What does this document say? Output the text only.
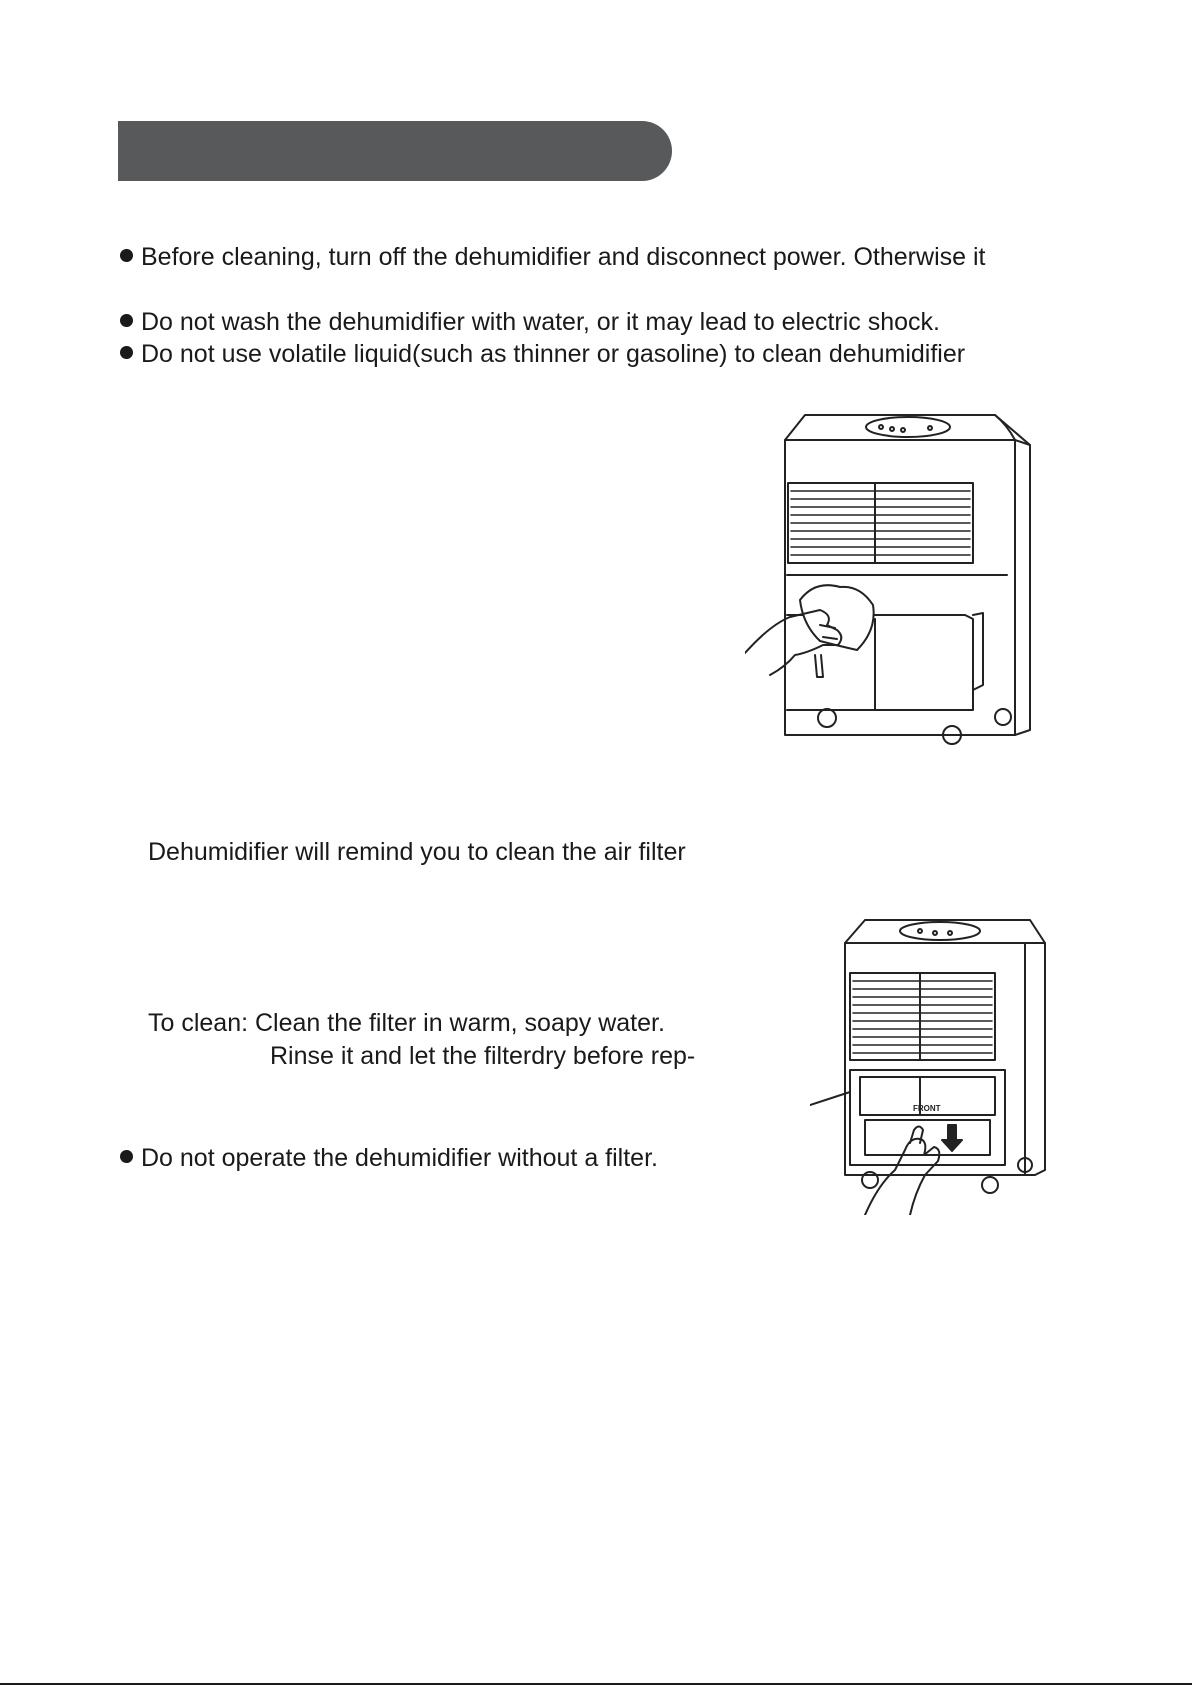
Before cleaning, turn off the dehumidifier and disconnect power. Otherwise it
Do not wash the dehumidifier with water, or it may lead to electric shock.
Do not use volatile liquid(such as thinner or gasoline) to clean dehumidifier
Dehumidifier will remind you to clean the air filter
To clean: Clean the filter in warm, soapy water.
Rinse it and let the filterdry before rep-
Do not operate the dehumidifier without a filter.
FRONT
